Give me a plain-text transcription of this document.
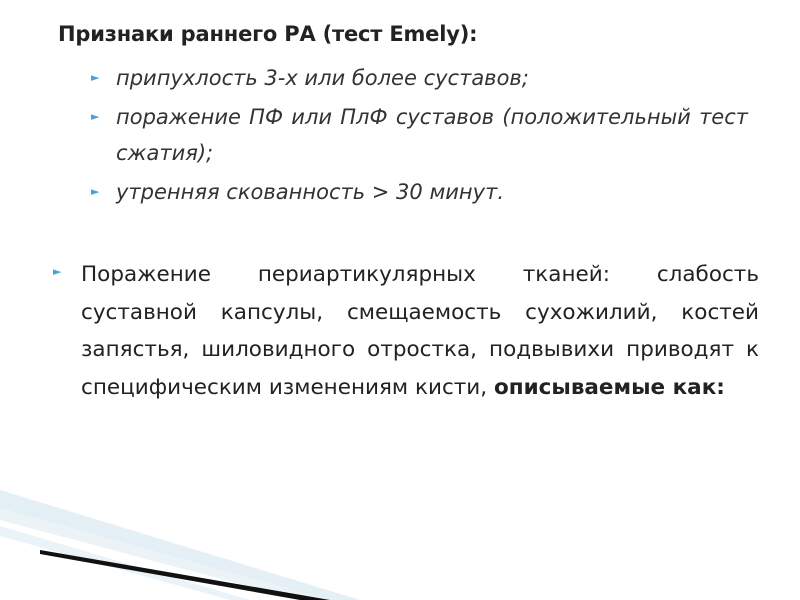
Признаки раннего РА (тест Emely):
► припухлость 3-х или более суставов;
► поражение ПФ или ПлФ суставов (положительный тест сжатия);
► утренняя скованность > 30 минут.
► Поражение периартикулярных тканей: слабость суставной капсулы, смещаемость сухожилий, костей запястья, шиловидного отростка, подвывихи приводят к специфическим изменениям кисти, описываемые как:
